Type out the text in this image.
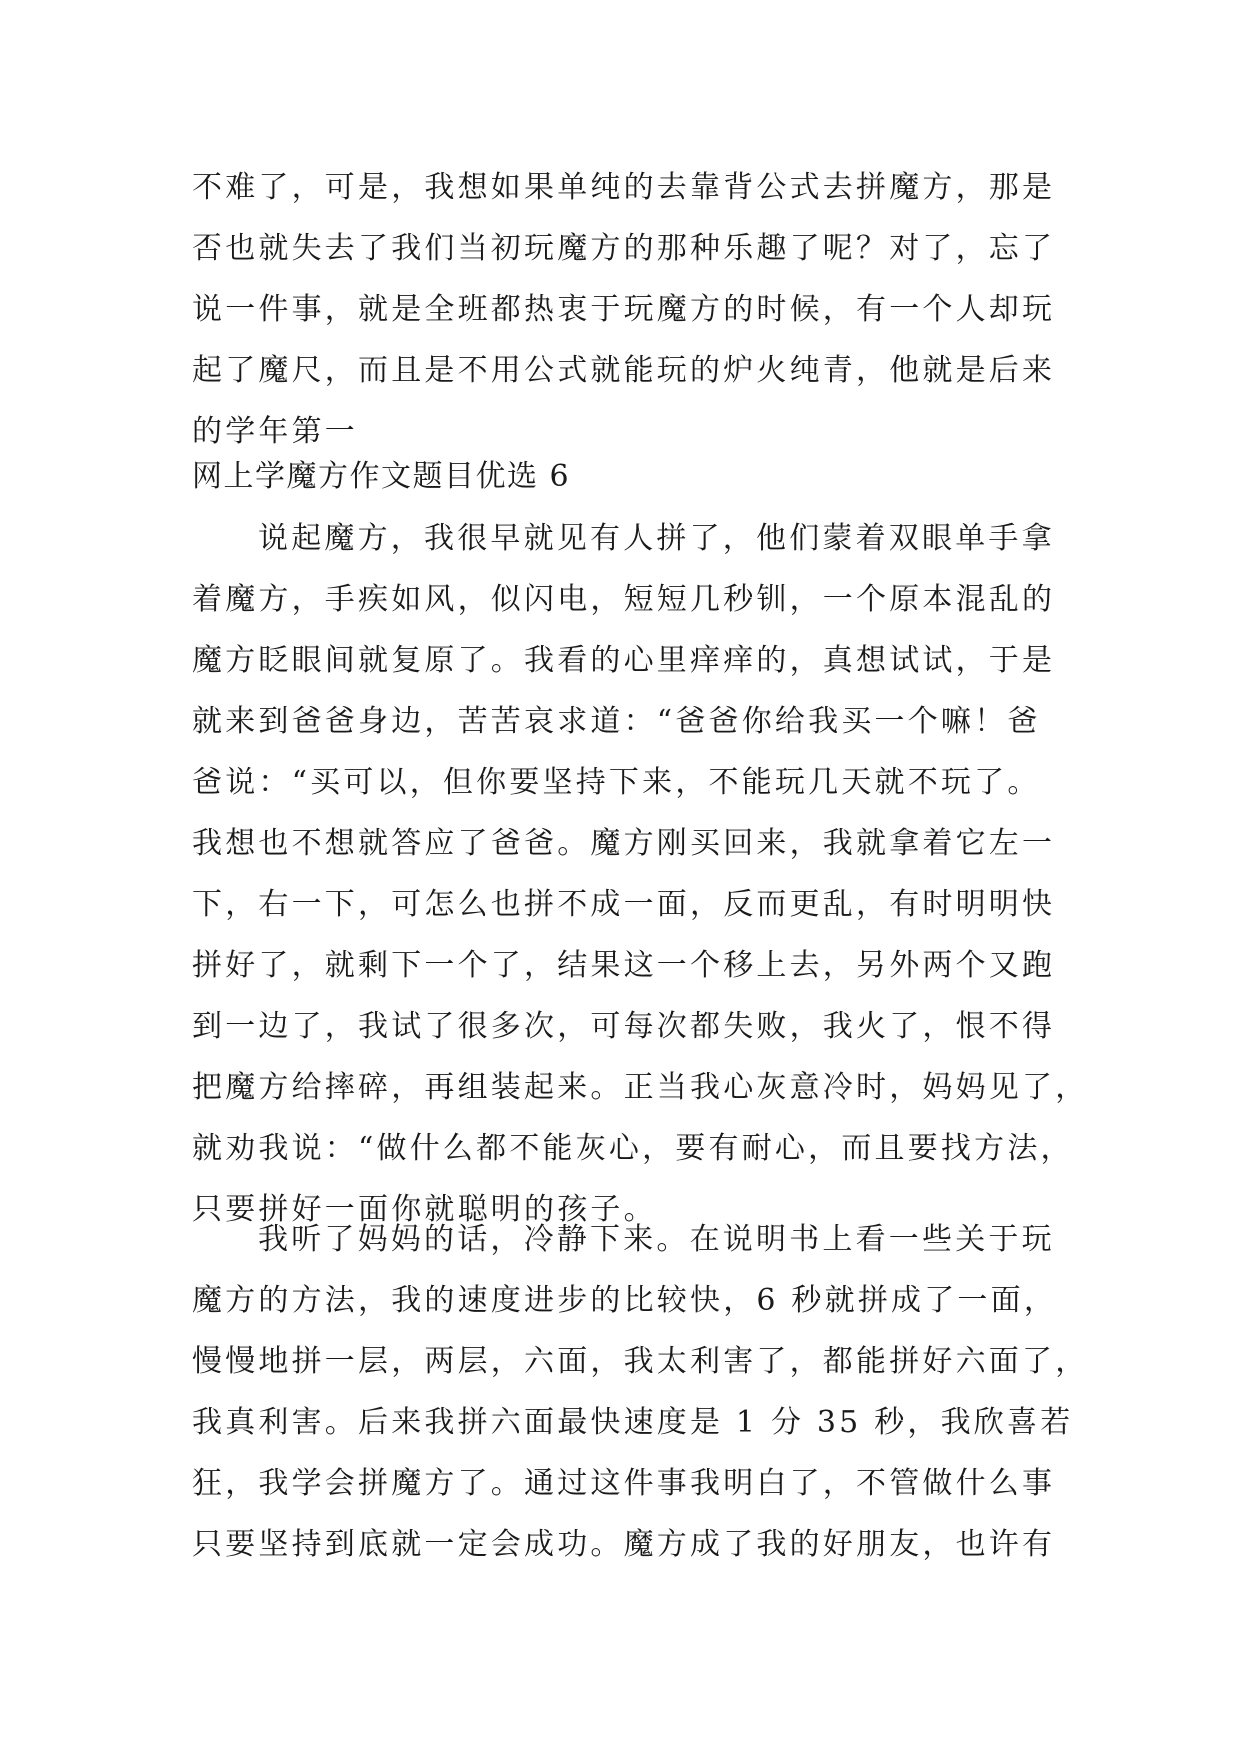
不难了，可是，我想如果单纯的去靠背公式去拼魔方，那是
否也就失去了我们当初玩魔方的那种乐趣了呢？对了，忘了
说一件事，就是全班都热衷于玩魔方的时候，有一个人却玩
起了魔尺，而且是不用公式就能玩的炉火纯青，他就是后来
的学年第一
网上学魔方作文题目优选 6
说起魔方，我很早就见有人拼了，他们蒙着双眼单手拿
着魔方，手疾如风，似闪电，短短几秒钏，一个原本混乱的
魔方眨眼间就复原了。我看的心里痒痒的，真想试试，于是
就来到爸爸身边，苦苦哀求道：“爸爸你给我买一个嘛！爸
爸说：“买可以，但你要坚持下来，不能玩几天就不玩了。
我想也不想就答应了爸爸。魔方刚买回来，我就拿着它左一
下，右一下，可怎么也拼不成一面，反而更乱，有时明明快
拼好了，就剩下一个了，结果这一个移上去，另外两个又跑
到一边了，我试了很多次，可每次都失败，我火了，恨不得
把魔方给摔碎，再组装起来。正当我心灰意冷时，妈妈见了，
就劝我说：“做什么都不能灰心，要有耐心，而且要找方法，
只要拼好一面你就聪明的孩子。
我听了妈妈的话，冷静下来。在说明书上看一些关于玩
魔方的方法，我的速度进步的比较快，6 秒就拼成了一面，
慢慢地拼一层，两层，六面，我太利害了，都能拼好六面了，
我真利害。后来我拼六面最快速度是 1 分 35 秒，我欣喜若
狂，我学会拼魔方了。通过这件事我明白了，不管做什么事
只要坚持到底就一定会成功。魔方成了我的好朋友，也许有
